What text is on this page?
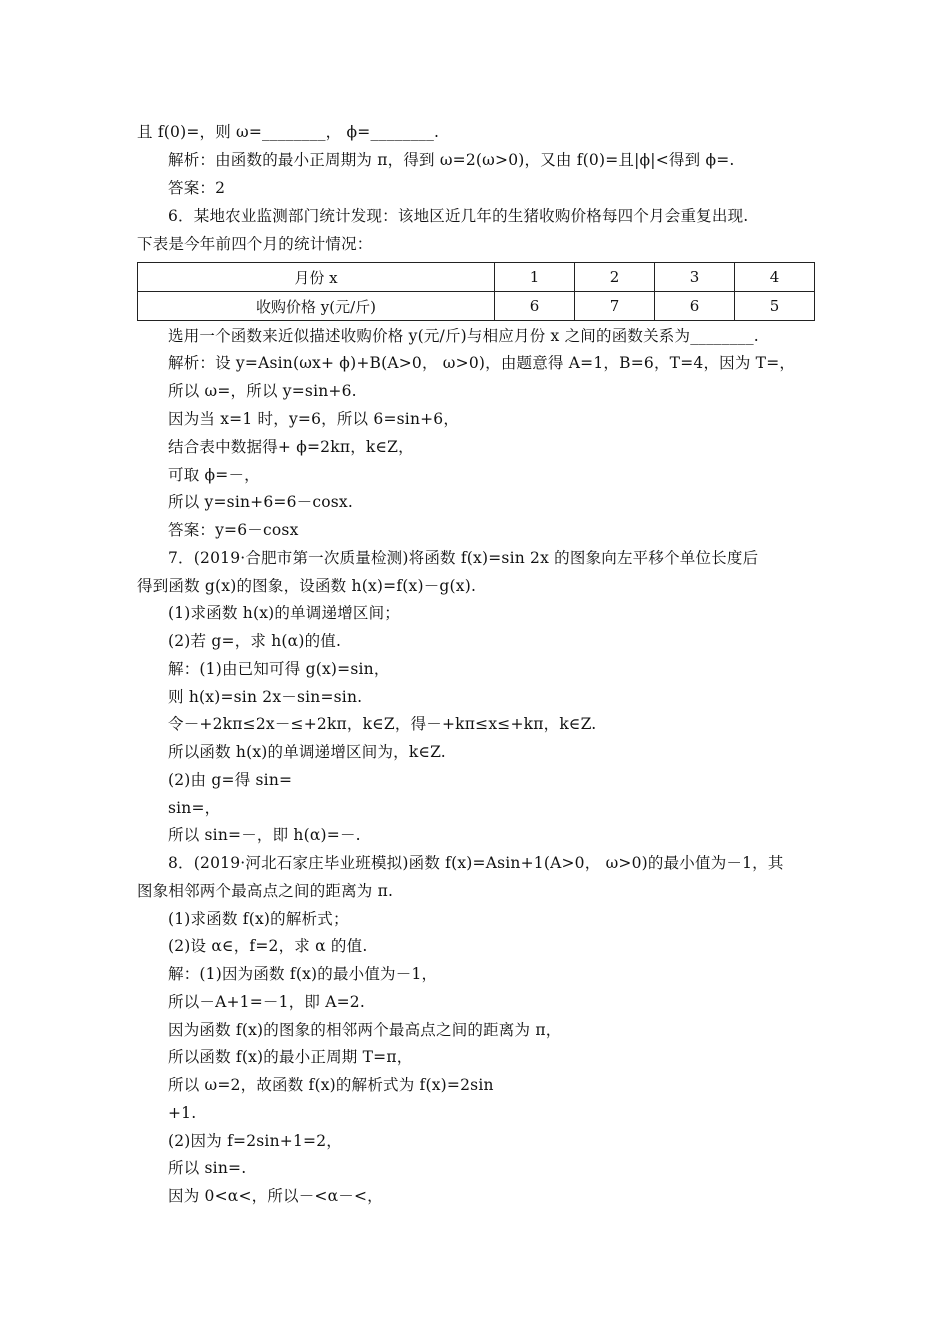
且 f(0)=，则 ω=________， ϕ=________.
解析：由函数的最小正周期为 π，得到 ω=2(ω>0)，又由 f(0)=且|ϕ|<得到 ϕ=.
答案：2
6．某地农业监测部门统计发现：该地区近几年的生猪收购价格每四个月会重复出现.
下表是今年前四个月的统计情况：
月份 x	1	2	3	4
收购价格 y(元/斤)	6	7	6	5
选用一个函数来近似描述收购价格 y(元/斤)与相应月份 x 之间的函数关系为________.
解析：设 y=Asin(ωx+ ϕ)+B(A>0， ω>0)，由题意得 A=1，B=6，T=4，因为 T=，
所以 ω=，所以 y=sin+6.
因为当 x=1 时，y=6，所以 6=sin+6，
结合表中数据得+ ϕ=2kπ，k∈Z，
可取 ϕ=－，
所以 y=sin+6=6－cosx.
答案：y=6－cosx
7．(2019·合肥市第一次质量检测)将函数 f(x)=sin 2x 的图象向左平移个单位长度后
得到函数 g(x)的图象，设函数 h(x)=f(x)－g(x).
(1)求函数 h(x)的单调递增区间；
(2)若 g=，求 h(α)的值.
解：(1)由已知可得 g(x)=sin，
则 h(x)=sin 2x－sin=sin.
令－+2kπ≤2x－≤+2kπ，k∈Z，得－+kπ≤x≤+kπ，k∈Z.
所以函数 h(x)的单调递增区间为，k∈Z.
(2)由 g=得 sin=
sin=，
所以 sin=－，即 h(α)=－.
8．(2019·河北石家庄毕业班模拟)函数 f(x)=Asin+1(A>0， ω>0)的最小值为－1，其
图象相邻两个最高点之间的距离为 π.
(1)求函数 f(x)的解析式；
(2)设 α∈，f=2，求 α 的值.
解：(1)因为函数 f(x)的最小值为－1，
所以－A+1=－1，即 A=2.
因为函数 f(x)的图象的相邻两个最高点之间的距离为 π，
所以函数 f(x)的最小正周期 T=π，
所以 ω=2，故函数 f(x)的解析式为 f(x)=2sin
+1.
(2)因为 f=2sin+1=2，
所以 sin=.
因为 0<α<，所以－<α－<，
